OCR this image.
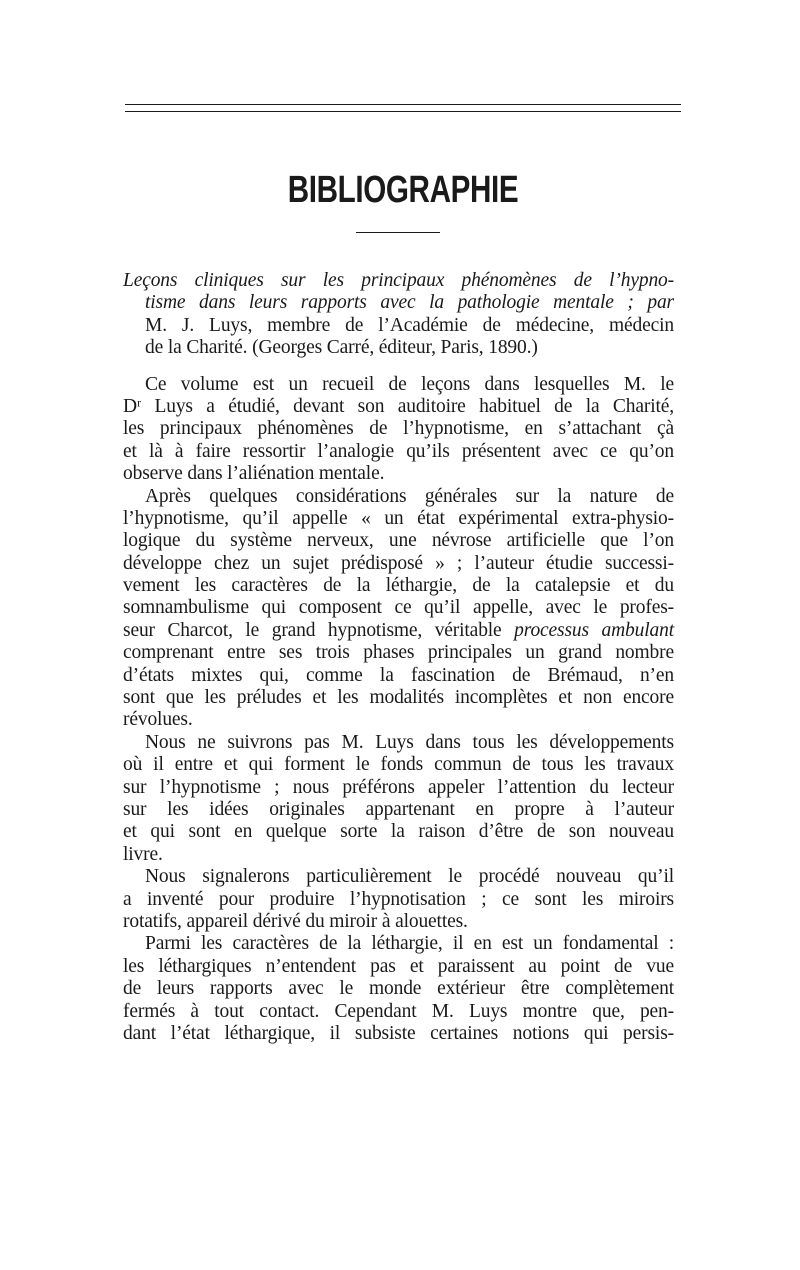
BIBLIOGRAPHIE
Leçons cliniques sur les principaux phénomènes de l’hypno-
tisme dans leurs rapports avec la pathologie mentale ; par
M. J. Luys, membre de l’Académie de médecine, médecin
de la Charité. (Georges Carré, éditeur, Paris, 1890.)
Ce volume est un recueil de leçons dans lesquelles M. le
Dʳ Luys a étudié, devant son auditoire habituel de la Charité,
les principaux phénomènes de l’hypnotisme, en s’attachant çà
et là à faire ressortir l’analogie qu’ils présentent avec ce qu’on
observe dans l’aliénation mentale.
Après quelques considérations générales sur la nature de
l’hypnotisme, qu’il appelle « un état expérimental extra-physio-
logique du système nerveux, une névrose artificielle que l’on
développe chez un sujet prédisposé » ; l’auteur étudie successi-
vement les caractères de la léthargie, de la catalepsie et du
somnambulisme qui composent ce qu’il appelle, avec le profes-
seur Charcot, le grand hypnotisme, véritable processus ambulant
comprenant entre ses trois phases principales un grand nombre
d’états mixtes qui, comme la fascination de Brémaud, n’en
sont que les préludes et les modalités incomplètes et non encore
révolues.
Nous ne suivrons pas M. Luys dans tous les développements
où il entre et qui forment le fonds commun de tous les travaux
sur l’hypnotisme ; nous préférons appeler l’attention du lecteur
sur les idées originales appartenant en propre à l’auteur
et qui sont en quelque sorte la raison d’être de son nouveau
livre.
Nous signalerons particulièrement le procédé nouveau qu’il
a inventé pour produire l’hypnotisation ; ce sont les miroirs
rotatifs, appareil dérivé du miroir à alouettes.
Parmi les caractères de la léthargie, il en est un fondamental :
les léthargiques n’entendent pas et paraissent au point de vue
de leurs rapports avec le monde extérieur être complètement
fermés à tout contact. Cependant M. Luys montre que, pen-
dant l’état léthargique, il subsiste certaines notions qui persis-
